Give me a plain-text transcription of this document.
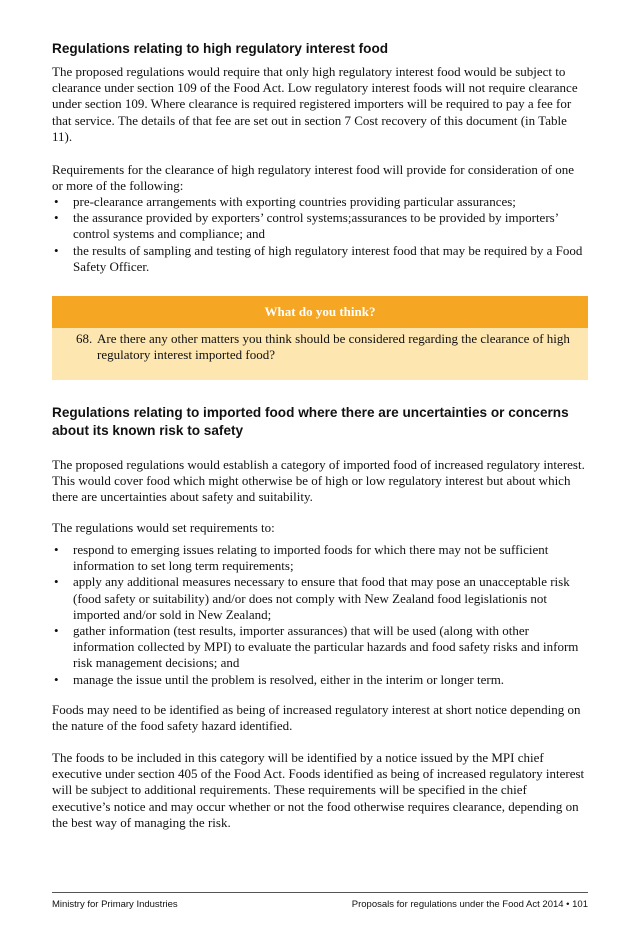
Regulations relating to high regulatory interest food

The proposed regulations would require that only high regulatory interest food would be subject to clearance under section 109 of the Food Act. Low regulatory interest foods will not require clearance under section 109. Where clearance is required registered importers will be required to pay a fee for that service. The details of that fee are set out in section 7 Cost recovery of this document (in Table 11).

Requirements for the clearance of high regulatory interest food will provide for consideration of one or more of the following:

• pre-clearance arrangements with exporting countries providing particular assurances;
• the assurance provided by exporters’ control systems;assurances to be provided by importers’ control systems and compliance; and
• the results of sampling and testing of high regulatory interest food that may be required by a Food Safety Officer.
What do you think?
68. Are there any other matters you think should be considered regarding the clearance of high regulatory interest imported food?
Regulations relating to imported food where there are uncertainties or concerns about its known risk to safety

The proposed regulations would establish a category of imported food of increased regulatory interest. This would cover food which might otherwise be of high or low regulatory interest but about which there are uncertainties about safety and suitability.

The regulations would set requirements to:

• respond to emerging issues relating to imported foods for which there may not be sufficient information to set long term requirements;
• apply any additional measures necessary to ensure that food that may pose an unacceptable risk (food safety or suitability) and/or does not comply with New Zealand food legislationis not imported and/or sold in New Zealand;
• gather information (test results, importer assurances) that will be used (along with other information collected by MPI) to evaluate the particular hazards and food safety risks and inform risk management decisions; and
• manage the issue until the problem is resolved, either in the interim or longer term.

Foods may need to be identified as being of increased regulatory interest at short notice depending on the nature of the food safety hazard identified.

The foods to be included in this category will be identified by a notice issued by the MPI chief executive under section 405 of the Food Act. Foods identified as being of increased regulatory interest will be subject to additional requirements. These requirements will be specified in the chief executive’s notice and may occur whether or not the food otherwise requires clearance, depending on the best way of managing the risk.

Ministry for Primary Industries	Proposals for regulations under the Food Act 2014 • 101
